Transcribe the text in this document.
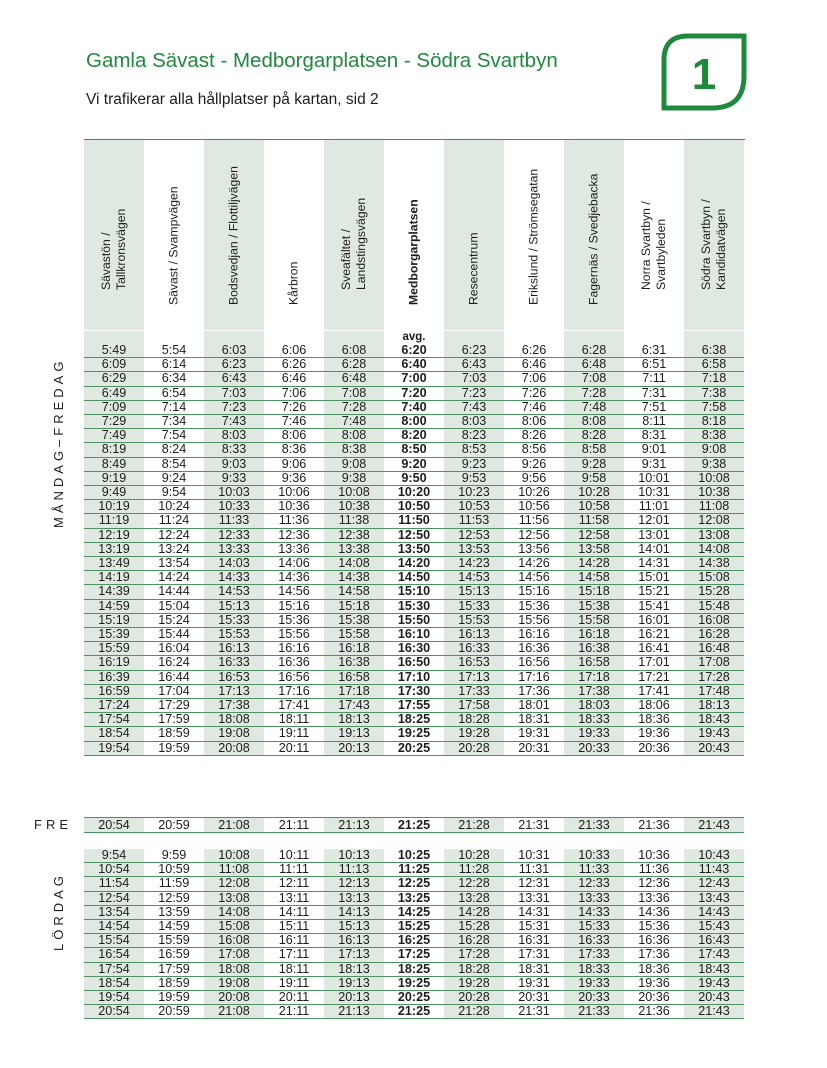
Gamla Sävast - Medborgarplatsen - Södra Svartbyn
Vi trafikerar alla hållplatser på kartan, sid 2
1
Sävastön / Tallkronsvägen	Sävast / Svampvägen	Bodsvedjan / Flottiljvägen	Kårbron	Sveafältet / Landstingsvägen	Medborgarplatsen	Resecentrum	Erikslund / Strömsegatan	Fagernäs / Svedjebacka	Norra Svartbyn / Svartbyleden	Södra Svartbyn / Kandidatvägen
avg.
MÅNDAG–FREDAG
FRE
LÖRDAG
5:49	5:54	6:03	6:06	6:08	6:20	6:23	6:26	6:28	6:31	6:38
6:09	6:14	6:23	6:26	6:28	6:40	6:43	6:46	6:48	6:51	6:58
6:29	6:34	6:43	6:46	6:48	7:00	7:03	7:06	7:08	7:11	7:18
6:49	6:54	7:03	7:06	7:08	7:20	7:23	7:26	7:28	7:31	7:38
7:09	7:14	7:23	7:26	7:28	7:40	7:43	7:46	7:48	7:51	7:58
7:29	7:34	7:43	7:46	7:48	8:00	8:03	8:06	8:08	8:11	8:18
7:49	7:54	8:03	8:06	8:08	8:20	8:23	8:26	8:28	8:31	8:38
8:19	8:24	8:33	8:36	8:38	8:50	8:53	8:56	8:58	9:01	9:08
8:49	8:54	9:03	9:06	9:08	9:20	9:23	9:26	9:28	9:31	9:38
9:19	9:24	9:33	9:36	9:38	9:50	9:53	9:56	9:58	10:01	10:08
9:49	9:54	10:03	10:06	10:08	10:20	10:23	10:26	10:28	10:31	10:38
10:19	10:24	10:33	10:36	10:38	10:50	10:53	10:56	10:58	11:01	11:08
11:19	11:24	11:33	11:36	11:38	11:50	11:53	11:56	11:58	12:01	12:08
12:19	12:24	12:33	12:36	12:38	12:50	12:53	12:56	12:58	13:01	13:08
13:19	13:24	13:33	13:36	13:38	13:50	13:53	13:56	13:58	14:01	14:08
13:49	13:54	14:03	14:06	14:08	14:20	14:23	14:26	14:28	14:31	14:38
14:19	14:24	14:33	14:36	14:38	14:50	14:53	14:56	14:58	15:01	15:08
14:39	14:44	14:53	14:56	14:58	15:10	15:13	15:16	15:18	15:21	15:28
14:59	15:04	15:13	15:16	15:18	15:30	15:33	15:36	15:38	15:41	15:48
15:19	15:24	15:33	15:36	15:38	15:50	15:53	15:56	15:58	16:01	16:08
15:39	15:44	15:53	15:56	15:58	16:10	16:13	16:16	16:18	16:21	16:28
15:59	16:04	16:13	16:16	16:18	16:30	16:33	16:36	16:38	16:41	16:48
16:19	16:24	16:33	16:36	16:38	16:50	16:53	16:56	16:58	17:01	17:08
16:39	16:44	16:53	16:56	16:58	17:10	17:13	17:16	17:18	17:21	17:28
16:59	17:04	17:13	17:16	17:18	17:30	17:33	17:36	17:38	17:41	17:48
17:24	17:29	17:38	17:41	17:43	17:55	17:58	18:01	18:03	18:06	18:13
17:54	17:59	18:08	18:11	18:13	18:25	18:28	18:31	18:33	18:36	18:43
18:54	18:59	19:08	19:11	19:13	19:25	19:28	19:31	19:33	19:36	19:43
19:54	19:59	20:08	20:11	20:13	20:25	20:28	20:31	20:33	20:36	20:43
20:54	20:59	21:08	21:11	21:13	21:25	21:28	21:31	21:33	21:36	21:43
9:54	9:59	10:08	10:11	10:13	10:25	10:28	10:31	10:33	10:36	10:43
10:54	10:59	11:08	11:11	11:13	11:25	11:28	11:31	11:33	11:36	11:43
11:54	11:59	12:08	12:11	12:13	12:25	12:28	12:31	12:33	12:36	12:43
12:54	12:59	13:08	13:11	13:13	13:25	13:28	13:31	13:33	13:36	13:43
13:54	13:59	14:08	14:11	14:13	14:25	14:28	14:31	14:33	14:36	14:43
14:54	14:59	15:08	15:11	15:13	15:25	15:28	15:31	15:33	15:36	15:43
15:54	15:59	16:08	16:11	16:13	16:25	16:28	16:31	16:33	16:36	16:43
16:54	16:59	17:08	17:11	17:13	17:25	17:28	17:31	17:33	17:36	17:43
17:54	17:59	18:08	18:11	18:13	18:25	18:28	18:31	18:33	18:36	18:43
18:54	18:59	19:08	19:11	19:13	19:25	19:28	19:31	19:33	19:36	19:43
19:54	19:59	20:08	20:11	20:13	20:25	20:28	20:31	20:33	20:36	20:43
20:54	20:59	21:08	21:11	21:13	21:25	21:28	21:31	21:33	21:36	21:43
